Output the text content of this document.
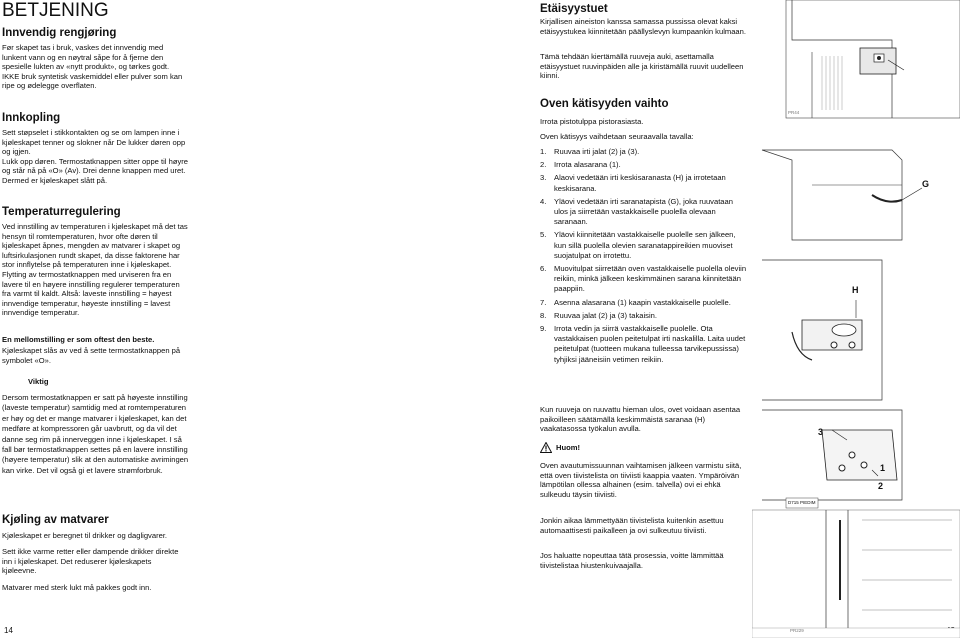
BETJENING
Innvendig rengjøring

Før skapet tas i bruk, vaskes det innvendig med lunkent vann og en nøytral såpe for å fjerne den spesielle lukten av «nytt produkt», og tørkes godt. IKKE bruk syntetisk vaskemiddel eller pulver som kan ripe og ødelegge overflaten.

Innkopling

Sett støpselet i stikkontakten og se om lampen inne i kjøleskapet tenner og slokner når De lukker døren opp og igjen.
Lukk opp døren. Termostatknappen sitter oppe til høyre og står nå på «O» (Av). Drei denne knappen med uret. Dermed er kjøleskapet slått på.

Temperaturregulering

Ved innstilling av temperaturen i kjøleskapet må det tas hensyn til romtemperaturen, hvor ofte døren til kjøleskapet åpnes, mengden av matvarer i skapet og luftsirkulasjonen rundt skapet, da disse faktorene har stor innflytelse på temperaturen inne i kjøleskapet.
Flytting av termostatknappen med urviseren fra en lavere til en høyere innstilling regulerer temperaturen fra varmt til kaldt. Altså: laveste innstilling = høyest innvendige temperatur, høyeste innstilling = lavest innvendige temperatur.

En mellomstilling er som oftest den beste.

Kjøleskapet slås av ved å sette termostatknappen på symbolet «O».

Viktig

Dersom termostatknappen er satt på høyeste innstilling (laveste temperatur) samtidig med at romtemperaturen er høy og det er mange matvarer i kjøleskapet, kan det medføre at kompressoren går uavbrutt, og da vil det danne seg rim på innerveggen inne i kjøleskapet. I så fall bør termostatknappen settes på en lavere innstilling (høyere temperatur) slik at den automatiske avrimingen kan virke. Det vil også gi et lavere strømforbruk.

Kjøling av matvarer

Kjøleskapet er beregnet til drikker og dagligvarer.

Sett ikke varme retter eller dampende drikker direkte inn i kjøleskapet. Det reduserer kjøleskapets kjøleevne.

Matvarer med sterk lukt må pakkes godt inn.

14
Etäisyystuet

Kirjallisen aineiston kanssa samassa pussissa olevat kaksi etäisyystukea kiinnitetään päällyslevyn kumpaankin kulmaan.

Tämä tehdään kiertämällä ruuveja auki, asettamalla etäisyystuet ruuvinpäiden alle ja kiristämällä ruuvit uudelleen kiinni.

Oven kätisyyden vaihto

Irrota pistotulppa pistorasiasta.

Oven kätisyys vaihdetaan seuraavalla tavalla:

1. Ruuvaa irti jalat (2) ja (3).
2. Irrota alasarana (1).
3. Alaovi vedetään irti keskisaranasta (H) ja irrotetaan keskisarana.
4. Yläovi vedetään irti saranatapista (G), joka ruuvataan ulos ja siirretään vastakkaiselle puolella olevaan saranaan.
5. Yläovi kiinnitetään vastakkaiselle puolelle sen jälkeen, kun sillä puolella olevien saranatappireikien muoviset suojatulpat on irrotettu.
6. Muovitulpat siirretään oven vastakkaiselle puolella oleviin reikiin, minkä jälkeen keskimmäinen sarana kiinnitetään paappiin.
7. Asenna alasarana (1) kaapin vastakkaiselle puolelle.
8. Ruuvaa jalat (2) ja (3) takaisin.
9. Irrota vedin ja siirrä vastakkaiselle puolelle. Ota vastakkaisen puolen peitetulpat irti naskalilla. Laita uudet peitetulpat (tuotteen mukana tulleessa tarvikepussissa) tyhjiksi jääneisiin vetimen reikiin.

Kun ruuveja on ruuvattu hieman ulos, ovet voidaan asentaa paikoilleen säätämällä keskimmäistä saranaa (H) vaakatasossa työkalun avulla.

Huom!

Oven avautumissuunnan vaihtamisen jälkeen varmistu siitä, että oven tiivistelista on tiiviisti kaappia vaaten. Ympäröivän lämpötilan ollessa alhainen (esim. talvella) ovi ei ehkä sulkeudu täysin tiiviisti.

Jonkin aikaa lämmettyään tiivistelista kuitenkin asettuu automaattisesti paikalleen ja ovi sulkeutuu tiiviisti.

Jos haluatte nopeuttaa tätä prosessia, voitte lämmittää tiivistelistaa hiustenkuivaajalla.

G
H
3
1
2
D715 PIEDIM
PR229
PR44
